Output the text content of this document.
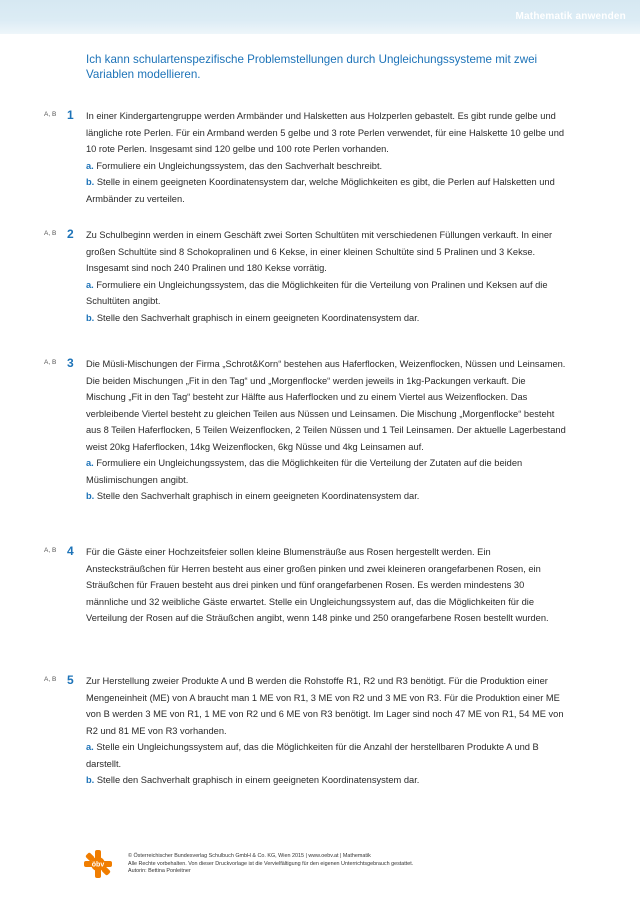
Mathematik anwenden
Ich kann schulartenspezifische Problemstellungen durch Ungleichungssysteme mit zwei Variablen modellieren.
A, B 1 In einer Kindergartengruppe werden Armbänder und Halsketten aus Holzperlen gebastelt. Es gibt runde gelbe und längliche rote Perlen. Für ein Armband werden 5 gelbe und 3 rote Perlen verwendet, für eine Halskette 10 gelbe und 10 rote Perlen. Insgesamt sind 120 gelbe und 100 rote Perlen vorhanden.

a. Formuliere ein Ungleichungssystem, das den Sachverhalt beschreibt.

b. Stelle in einem geeigneten Koordinatensystem dar, welche Möglichkeiten es gibt, die Perlen auf Halsketten und Armbänder zu verteilen.

A, B 2 Zu Schulbeginn werden in einem Geschäft zwei Sorten Schultüten mit verschiedenen Füllungen verkauft. In einer großen Schultüte sind 8 Schokopralinen und 6 Kekse, in einer kleinen Schultüte sind 5 Pralinen und 3 Kekse. Insgesamt sind noch 240 Pralinen und 180 Kekse vorrätig.

a. Formuliere ein Ungleichungssystem, das die Möglichkeiten für die Verteilung von Pralinen und Keksen auf die Schultüten angibt.

b. Stelle den Sachverhalt graphisch in einem geeigneten Koordinatensystem dar.

A, B 3 Die Müsli-Mischungen der Firma „Schrot&Korn“ bestehen aus Haferflocken, Weizenflocken, Nüssen und Leinsamen. Die beiden Mischungen „Fit in den Tag“ und „Morgenflocke“ werden jeweils in 1kg-Packungen verkauft. Die Mischung „Fit in den Tag“ besteht zur Hälfte aus Haferflocken und zu einem Viertel aus Weizenflocken. Das verbleibende Viertel besteht zu gleichen Teilen aus Nüssen und Leinsamen. Die Mischung „Morgenflocke“ besteht aus 8 Teilen Haferflocken, 5 Teilen Weizenflocken, 2 Teilen Nüssen und 1 Teil Leinsamen. Der aktuelle Lagerbestand weist 20kg Haferflocken, 14kg Weizenflocken, 6kg Nüsse und 4kg Leinsamen auf.

a. Formuliere ein Ungleichungssystem, das die Möglichkeiten für die Verteilung der Zutaten auf die beiden Müslimischungen angibt.

b. Stelle den Sachverhalt graphisch in einem geeigneten Koordinatensystem dar.

A, B 4 Für die Gäste einer Hochzeitsfeier sollen kleine Blumensträuße aus Rosen hergestellt werden. Ein Anstecksträußchen für Herren besteht aus einer großen pinken und zwei kleineren orangefarbenen Rosen, ein Sträußchen für Frauen besteht aus drei pinken und fünf orangefarbenen Rosen. Es werden mindestens 30 männliche und 32 weibliche Gäste erwartet. Stelle ein Ungleichungssystem auf, das die Möglichkeiten für die Verteilung der Rosen auf die Sträußchen angibt, wenn 148 pinke und 250 orangefarbene Rosen bestellt wurden.

A, B 5 Zur Herstellung zweier Produkte A und B werden die Rohstoffe R1, R2 und R3 benötigt. Für die Produktion einer Mengeneinheit (ME) von A braucht man 1 ME von R1, 3 ME von R2 und 3 ME von R3. Für die Produktion einer ME von B werden 3 ME von R1, 1 ME von R2 und 6 ME von R3 benötigt. Im Lager sind noch 47 ME von R1, 54 ME von R2 und 81 ME von R3 vorhanden.

a. Stelle ein Ungleichungssystem auf, das die Möglichkeiten für die Anzahl der herstellbaren Produkte A und B darstellt.

b. Stelle den Sachverhalt graphisch in einem geeigneten Koordinatensystem dar.

öbv
© Österreichischer Bundesverlag Schulbuch GmbH & Co. KG, Wien 2015 | www.oebv.at | Mathematik
Alle Rechte vorbehalten. Von dieser Druckvorlage ist die Vervielfältigung für den eigenen Unterrichtsgebrauch gestattet.
Autorin: Bettina Ponleitner
